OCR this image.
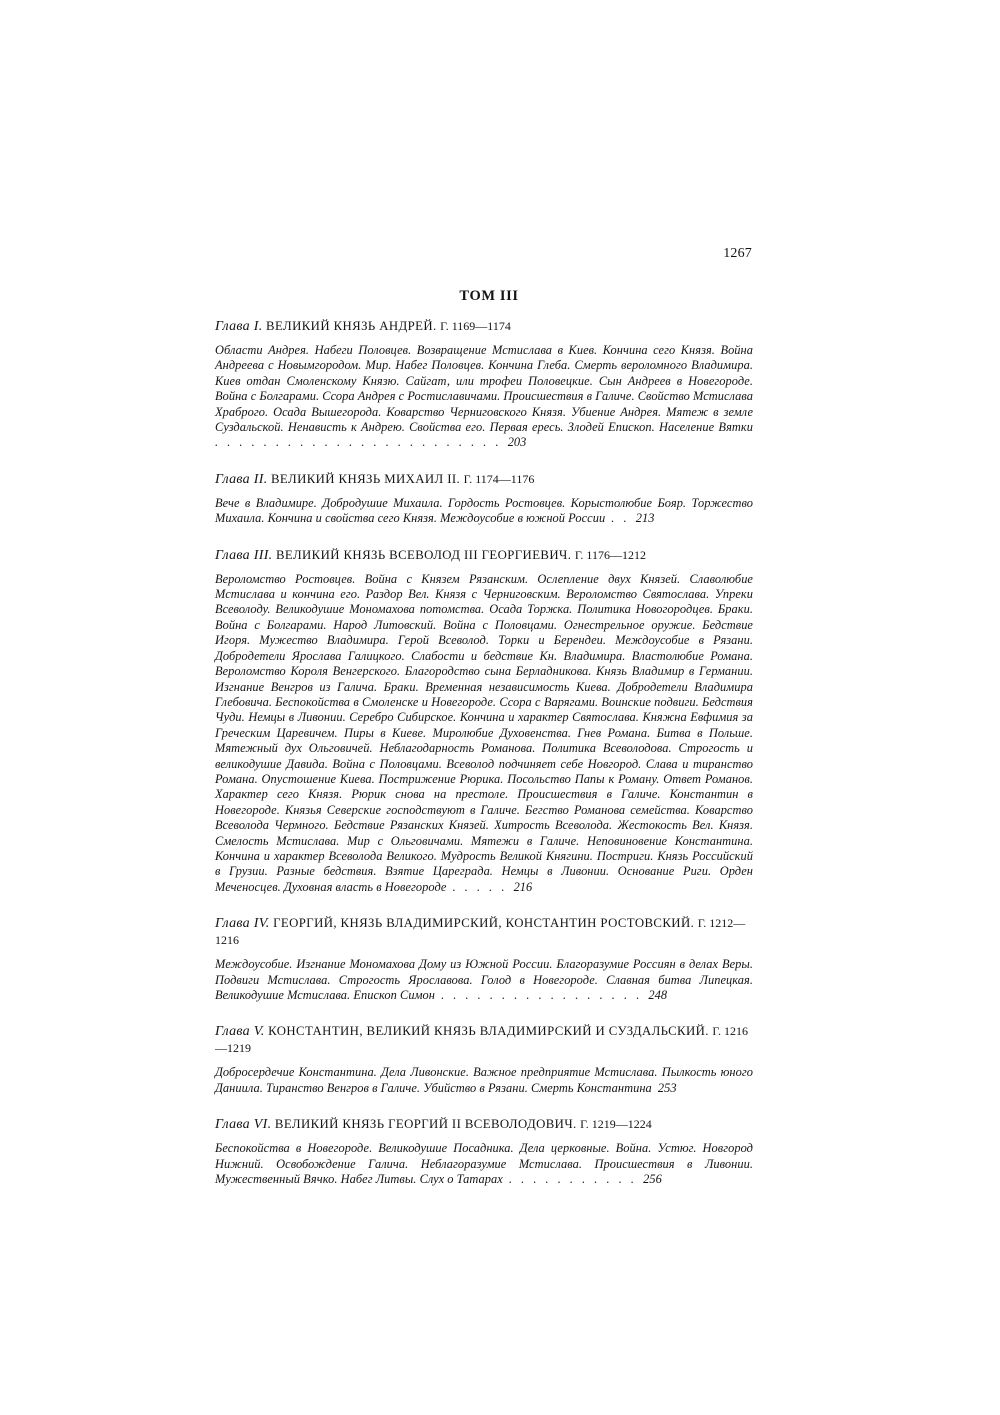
1267
ТОМ III
Глава I. ВЕЛИКИЙ КНЯЗЬ АНДРЕЙ. Г. 1169—1174

Области Андрея. Набеги Половцев. Возвращение Мстислава в Киев. Кончина сего Князя. Война Андреева с Новымгородом. Мир. Набег Половцев. Кончина Глеба. Смерть вероломного Владимира. Киев отдан Смоленскому Князю. Сайгат, или трофеи Половецкие. Сын Андреев в Новегороде. Война с Болгарами. Ссора Андрея с Ростиславичами. Происшествия в Галиче. Свойство Мстислава Храброго. Осада Вышегорода. Коварство Черниговского Князя. Убиение Андрея. Мятеж в земле Суздальской. Ненависть к Андрею. Свойства его. Первая ересь. Злодей Епископ. Население Вятки . . . . . . . . . . . . . . . . . . . . . . . . 203

Глава II. ВЕЛИКИЙ КНЯЗЬ МИХАИЛ II. Г. 1174—1176

Вече в Владимире. Добродушие Михаила. Гордость Ростовцев. Корыстолюбие Бояр. Торжество Михаила. Кончина и свойства сего Князя. Междоусобие в южной России . . 213

Глава III. ВЕЛИКИЙ КНЯЗЬ ВСЕВОЛОД III ГЕОРГИЕВИЧ. Г. 1176—1212

Вероломство Ростовцев. Война с Князем Рязанским. Ослепление двух Князей. Славолюбие Мстислава и кончина его. Раздор Вел. Князя с Черниговским. Вероломство Святослава. Упреки Всеволоду. Великодушие Мономахова потомства. Осада Торжка. Политика Новогородцев. Браки. Война с Болгарами. Народ Литовский. Война с Половцами. Огнестрельное оружие. Бедствие Игоря. Мужество Владимира. Герой Всеволод. Торки и Берендеи. Междоусобие в Рязани. Добродетели Ярослава Галицкого. Слабости и бедствие Кн. Владимира. Властолюбие Романа. Вероломство Короля Венгерского. Благородство сына Берладникова. Князь Владимир в Германии. Изгнание Венгров из Галича. Браки. Временная независимость Киева. Добродетели Владимира Глебовича. Беспокойства в Смоленске и Новегороде. Ссора с Варягами. Воинские подвиги. Бедствия Чуди. Немцы в Ливонии. Серебро Сибирское. Кончина и характер Святослава. Княжна Евфимия за Греческим Царевичем. Пиры в Киеве. Миролюбие Духовенства. Гнев Романа. Битва в Польше. Мятежный дух Ольговичей. Неблагодарность Романова. Политика Всеволодова. Строгость и великодушие Давида. Война с Половцами. Всеволод подчиняет себе Новгород. Слава и тиранство Романа. Опустошение Киева. Пострижение Рюрика. Посольство Папы к Роману. Ответ Романов. Характер сего Князя. Рюрик снова на престоле. Происшествия в Галиче. Константин в Новегороде. Князья Северские господствуют в Галиче. Бегство Романова семейства. Коварство Всеволода Чермного. Бедствие Рязанских Князей. Хитрость Всеволода. Жестокость Вел. Князя. Смелость Мстислава. Мир с Ольговичами. Мятежи в Галиче. Неповиновение Константина. Кончина и характер Всеволода Великого. Мудрость Великой Княгини. Постриги. Князь Российский в Грузии. Разные бедствия. Взятие Цареграда. Немцы в Ливонии. Основание Риги. Орден Меченосцев. Духовная власть в Новегороде . . . . . 216

Глава IV. ГЕОРГИЙ, КНЯЗЬ ВЛАДИМИРСКИЙ, КОНСТАНТИН РОСТОВСКИЙ. Г. 1212—1216

Междоусобие. Изгнание Мономахова Дому из Южной России. Благоразумие Россиян в делах Веры. Подвиги Мстислава. Строгость Ярославова. Голод в Новегороде. Славная битва Липецкая. Великодушие Мстислава. Епископ Симон . . . . . . . . . . . . . . . . . 248

Глава V. КОНСТАНТИН, ВЕЛИКИЙ КНЯЗЬ ВЛАДИМИРСКИЙ И СУЗДАЛЬСКИЙ. Г. 1216—1219

Добросердечие Константина. Дела Ливонские. Важное предприятие Мстислава. Пылкость юного Даниила. Тиранство Венгров в Галиче. Убийство в Рязани. Смерть Константина 253

Глава VI. ВЕЛИКИЙ КНЯЗЬ ГЕОРГИЙ II ВСЕВОЛОДОВИЧ. Г. 1219—1224

Беспокойства в Новегороде. Великодушие Посадника. Дела церковные. Война. Устюг. Новгород Нижний. Освобождение Галича. Неблагоразумие Мстислава. Происшествия в Ливонии. Мужественный Вячко. Набег Литвы. Слух о Татарах . . . . . . . . . . . 256
